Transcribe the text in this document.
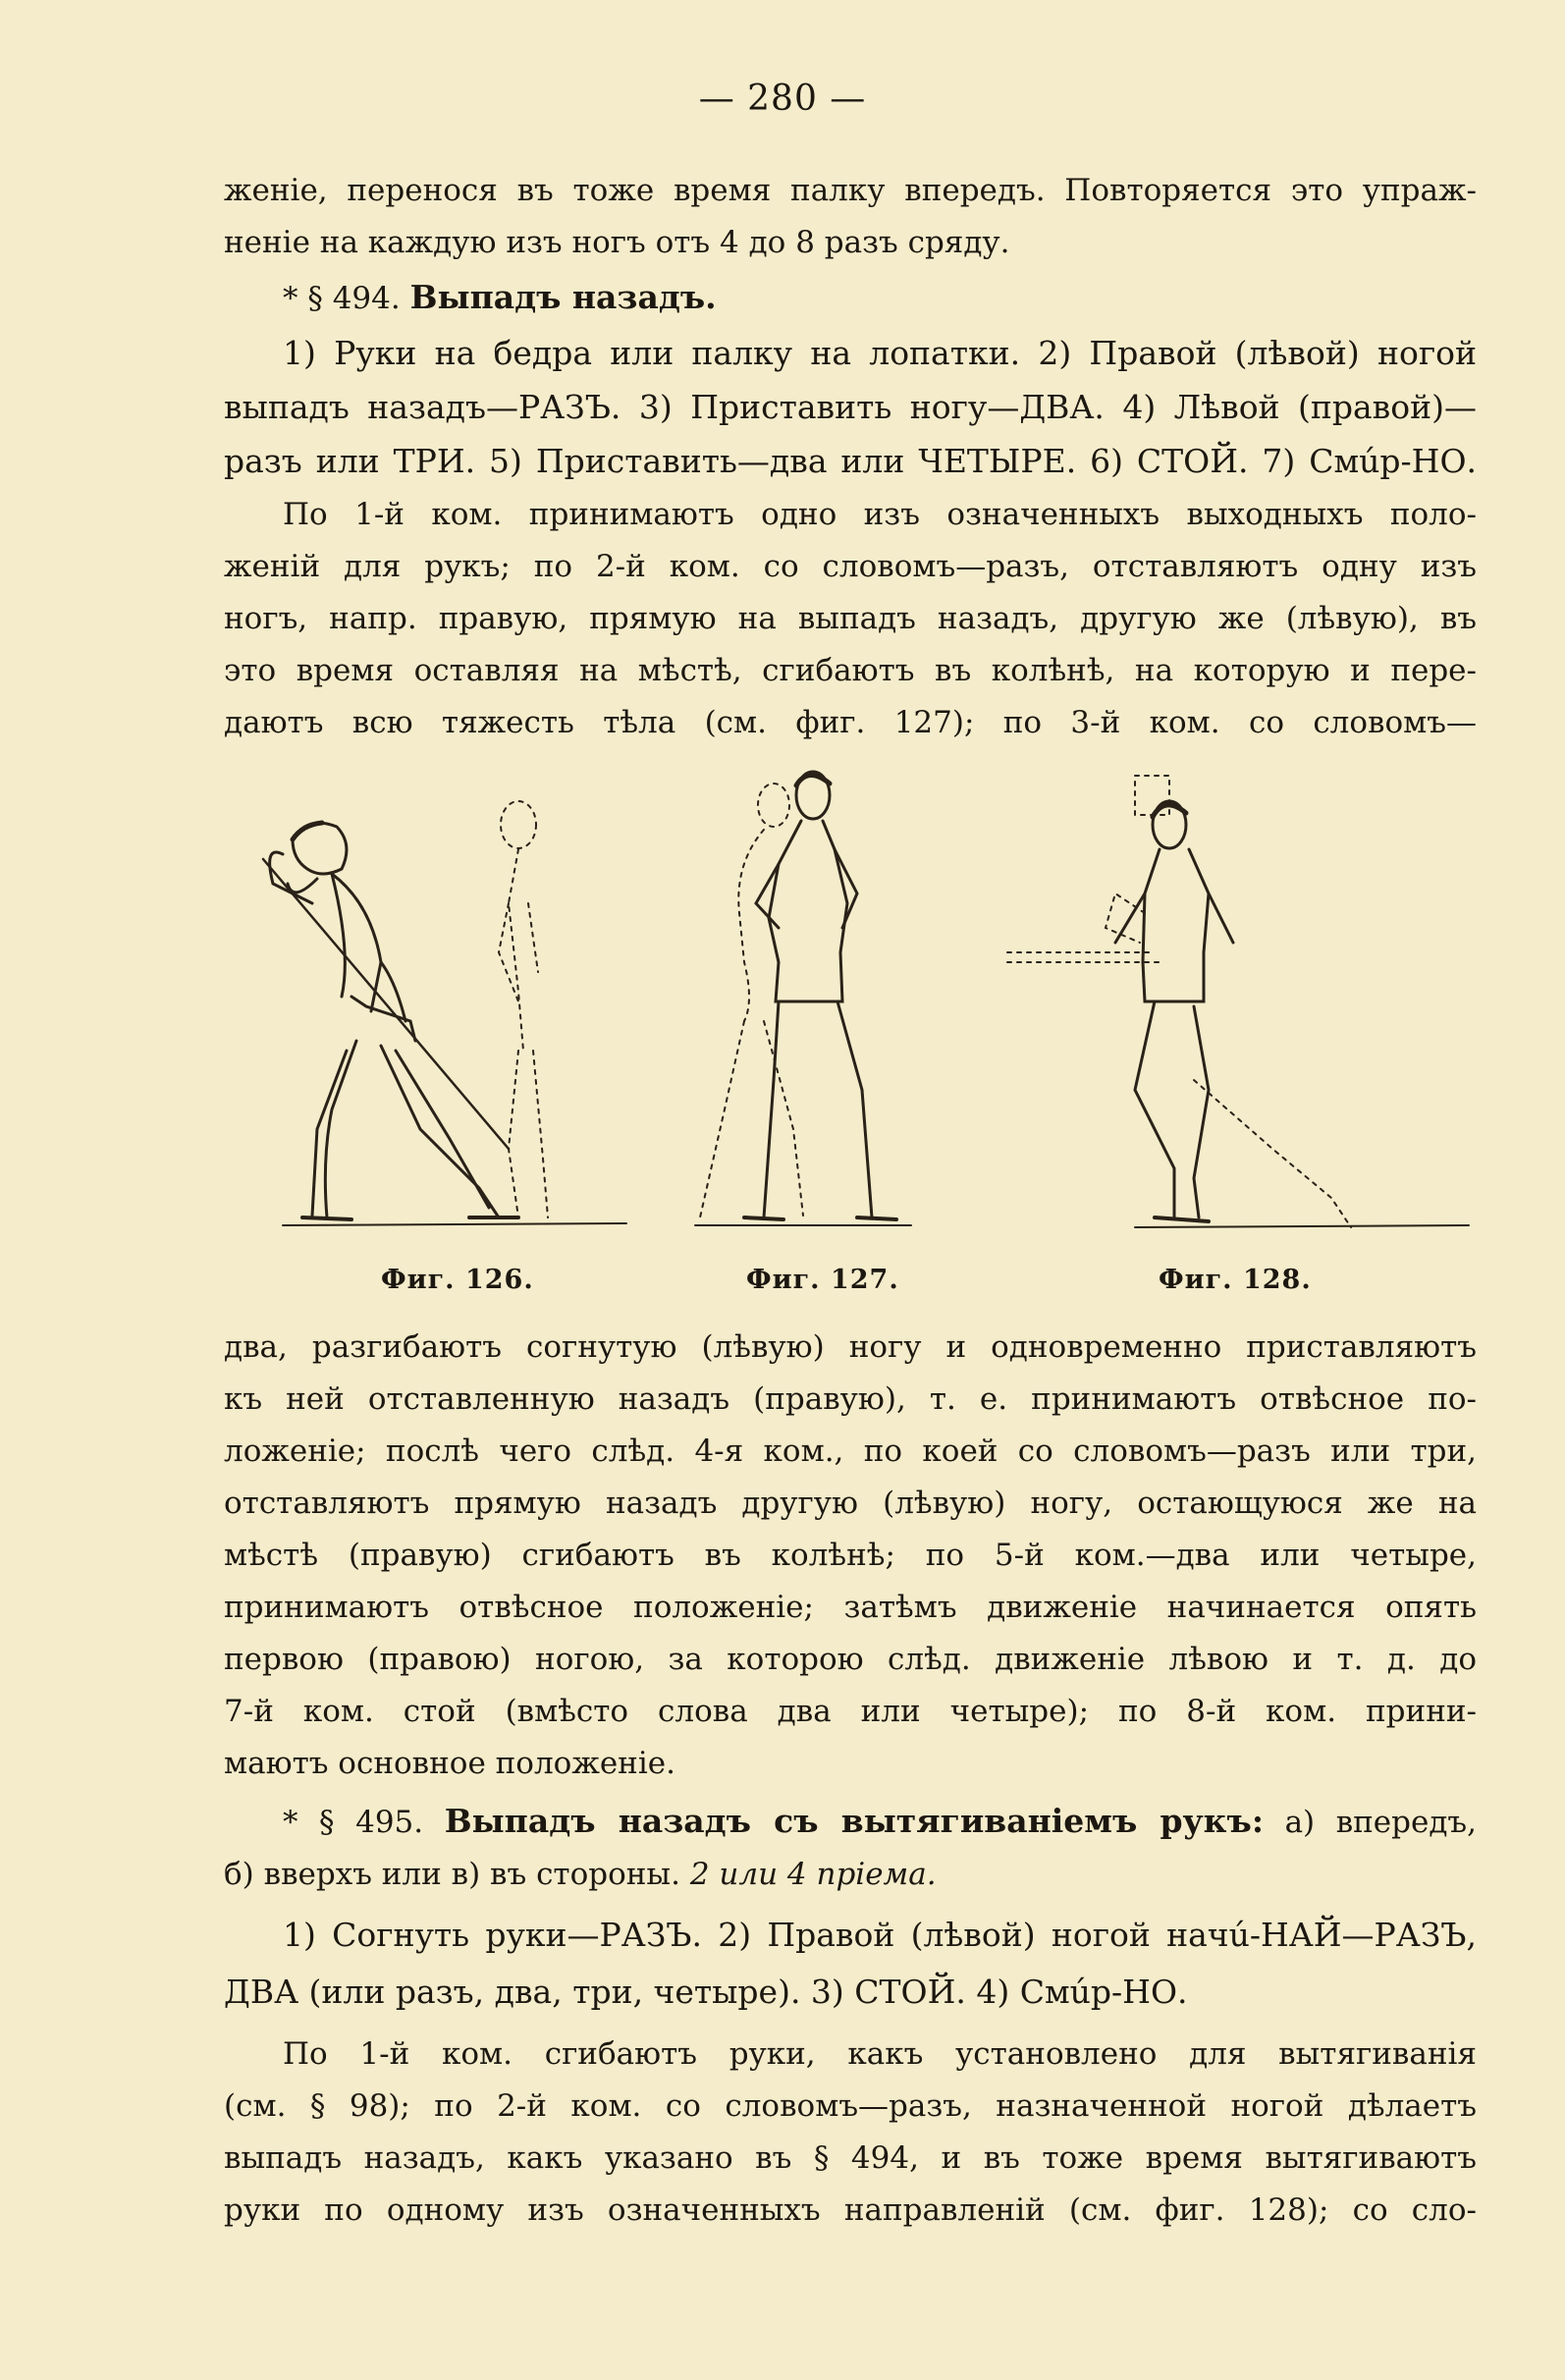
— 280 —
женіе, перенося въ тоже время палку впередъ. Повторяется это упраж-
неніе на каждую изъ ногъ отъ 4 до 8 разъ сряду.
* § 494. Выпадъ назадъ.
1) Руки на бедра или палку на лопатки. 2) Правой (лѣвой) ногой
выпадъ назадъ—РАЗЪ. 3) Приставить ногу—ДВА. 4) Лѣвой (правой)—
разъ или ТРИ. 5) Приставить—два или ЧЕТЫРЕ. 6) СТОЙ. 7) Смúр-НО.
По 1-й ком. принимаютъ одно изъ означенныхъ выходныхъ поло-
женій для рукъ; по 2-й ком. со словомъ—разъ, отставляютъ одну изъ
ногъ, напр. правую, прямую на выпадъ назадъ, другую же (лѣвую), въ
это время оставляя на мѣстѣ, сгибаютъ въ колѣнѣ, на которую и пере-
даютъ всю тяжесть тѣла (см. фиг. 127); по 3-й ком. со словомъ—
Фиг. 126.	Фиг. 127.	Фиг. 128.
два, разгибаютъ согнутую (лѣвую) ногу и одновременно приставляютъ
къ ней отставленную назадъ (правую), т. е. принимаютъ отвѣсное по-
ложеніе; послѣ чего слѣд. 4-я ком., по коей со словомъ—разъ или три,
отставляютъ прямую назадъ другую (лѣвую) ногу, остающуюся же на
мѣстѣ (правую) сгибаютъ въ колѣнѣ; по 5-й ком.—два или четыре,
принимаютъ отвѣсное положеніе; затѣмъ движеніе начинается опять
первою (правою) ногою, за которою слѣд. движеніе лѣвою и т. д. до
7-й ком. стой (вмѣсто слова два или четыре); по 8-й ком. прини-
маютъ основное положеніе.
* § 495. Выпадъ назадъ съ вытягиваніемъ рукъ: а) впередъ,
б) вверхъ или в) въ стороны. 2 или 4 пріема.
1) Согнуть руки—РАЗЪ. 2) Правой (лѣвой) ногой начú-НАЙ—РАЗЪ,
ДВА (или разъ, два, три, четыре). 3) СТОЙ. 4) Смúр-НО.
По 1-й ком. сгибаютъ руки, какъ установлено для вытягиванія
(см. § 98); по 2-й ком. со словомъ—разъ, назначенной ногой дѣлаетъ
выпадъ назадъ, какъ указано въ § 494, и въ тоже время вытягиваютъ
руки по одному изъ означенныхъ направленій (см. фиг. 128); со сло-
